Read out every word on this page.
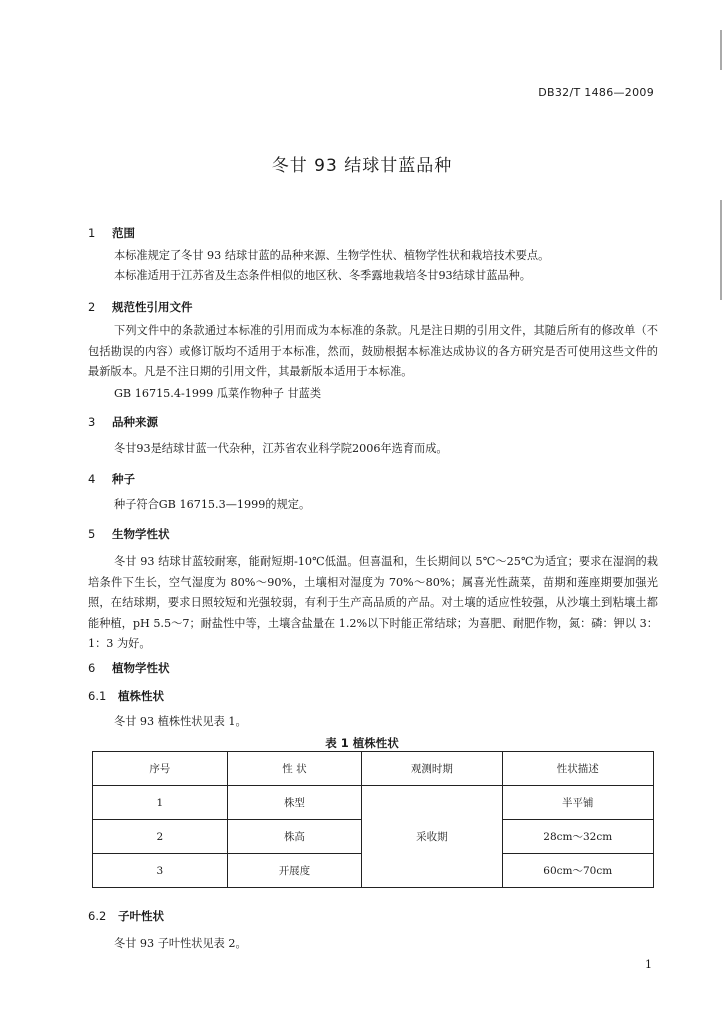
DB32/T 1486—2009
冬甘 93 结球甘蓝品种
1 范围
本标准规定了冬甘 93 结球甘蓝的品种来源、生物学性状、植物学性状和栽培技术要点。
本标准适用于江苏省及生态条件相似的地区秋、冬季露地栽培冬甘93结球甘蓝品种。
2 规范性引用文件
下列文件中的条款通过本标准的引用而成为本标准的条款。凡是注日期的引用文件，其随后所有的修改单（不包括勘误的内容）或修订版均不适用于本标准，然而，鼓励根据本标准达成协议的各方研究是否可使用这些文件的最新版本。凡是不注日期的引用文件，其最新版本适用于本标准。
GB 16715.4-1999 瓜菜作物种子 甘蓝类
3 品种来源
冬甘93是结球甘蓝一代杂种，江苏省农业科学院2006年选育而成。
4 种子
种子符合GB 16715.3—1999的规定。
5 生物学性状
冬甘 93 结球甘蓝较耐寒，能耐短期-10℃低温。但喜温和，生长期间以 5℃～25℃为适宜；要求在湿润的栽培条件下生长，空气湿度为 80%～90%，土壤相对湿度为 70%～80%；属喜光性蔬菜，苗期和莲座期要加强光照，在结球期，要求日照较短和光强较弱，有利于生产高品质的产品。对土壤的适应性较强，从沙壤土到粘壤土都能种植，pH 5.5～7；耐盐性中等，土壤含盐量在 1.2%以下时能正常结球；为喜肥、耐肥作物，氮：磷：钾以 3：1：3 为好。
6 植物学性状
6.1 植株性状
冬甘 93 植株性状见表 1。
表 1 植株性状
序号	性 状	观测时期	性状描述
1	株型	采收期	半平铺
2	株高		28cm～32cm
3	开展度		60cm～70cm
6.2 子叶性状
冬甘 93 子叶性状见表 2。
1
